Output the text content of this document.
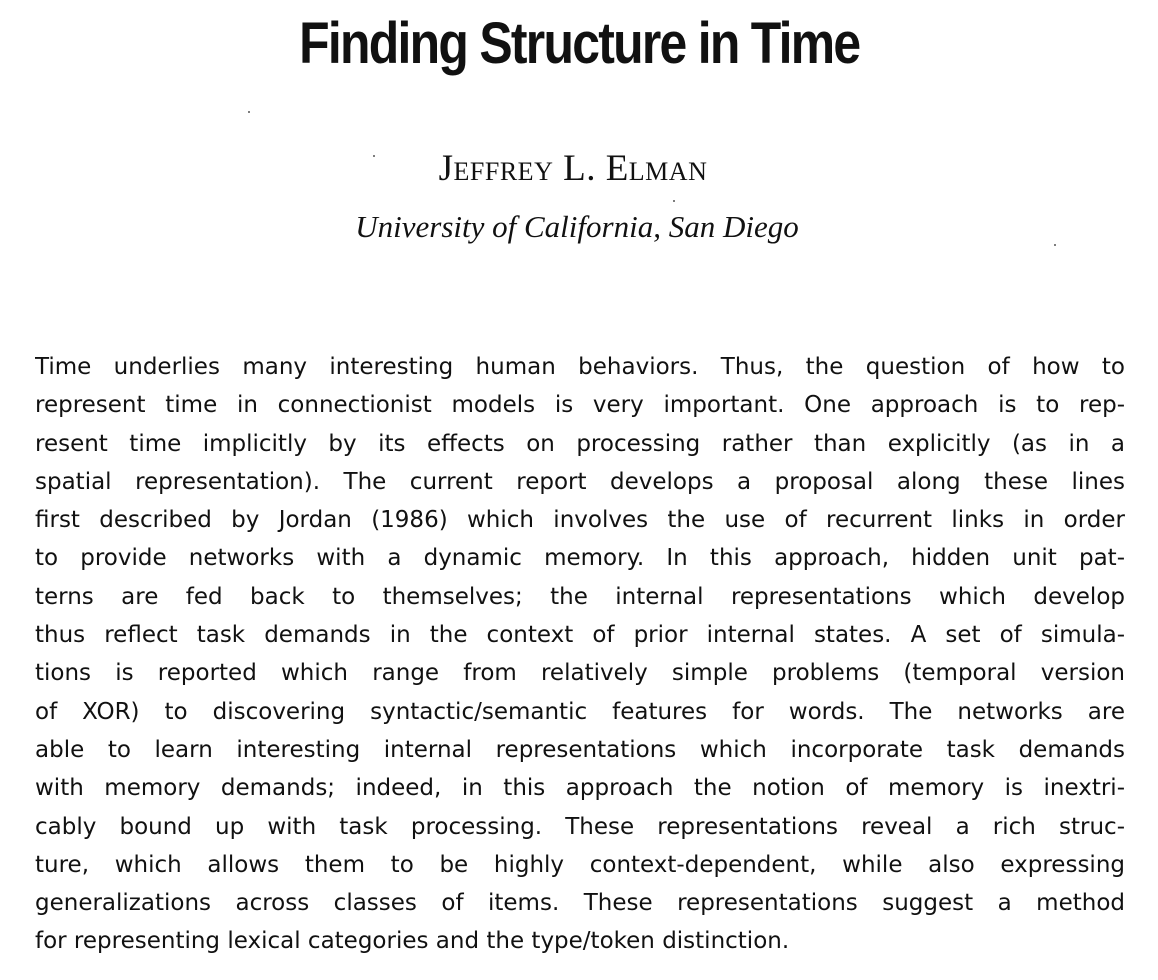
Finding Structure in Time
Jeffrey L. Elman
University of California, San Diego
Time underlies many interesting human behaviors. Thus, the question of how to
represent time in connectionist models is very important. One approach is to rep-
resent time implicitly by its effects on processing rather than explicitly (as in a
spatial representation). The current report develops a proposal along these lines
first described by Jordan (1986) which involves the use of recurrent links in order
to provide networks with a dynamic memory. In this approach, hidden unit pat-
terns are fed back to themselves; the internal representations which develop
thus reflect task demands in the context of prior internal states. A set of simula-
tions is reported which range from relatively simple problems (temporal version
of XOR) to discovering syntactic/semantic features for words. The networks are
able to learn interesting internal representations which incorporate task demands
with memory demands; indeed, in this approach the notion of memory is inextri-
cably bound up with task processing. These representations reveal a rich struc-
ture, which allows them to be highly context-dependent, while also expressing
generalizations across classes of items. These representations suggest a method
for representing lexical categories and the type/token distinction.
